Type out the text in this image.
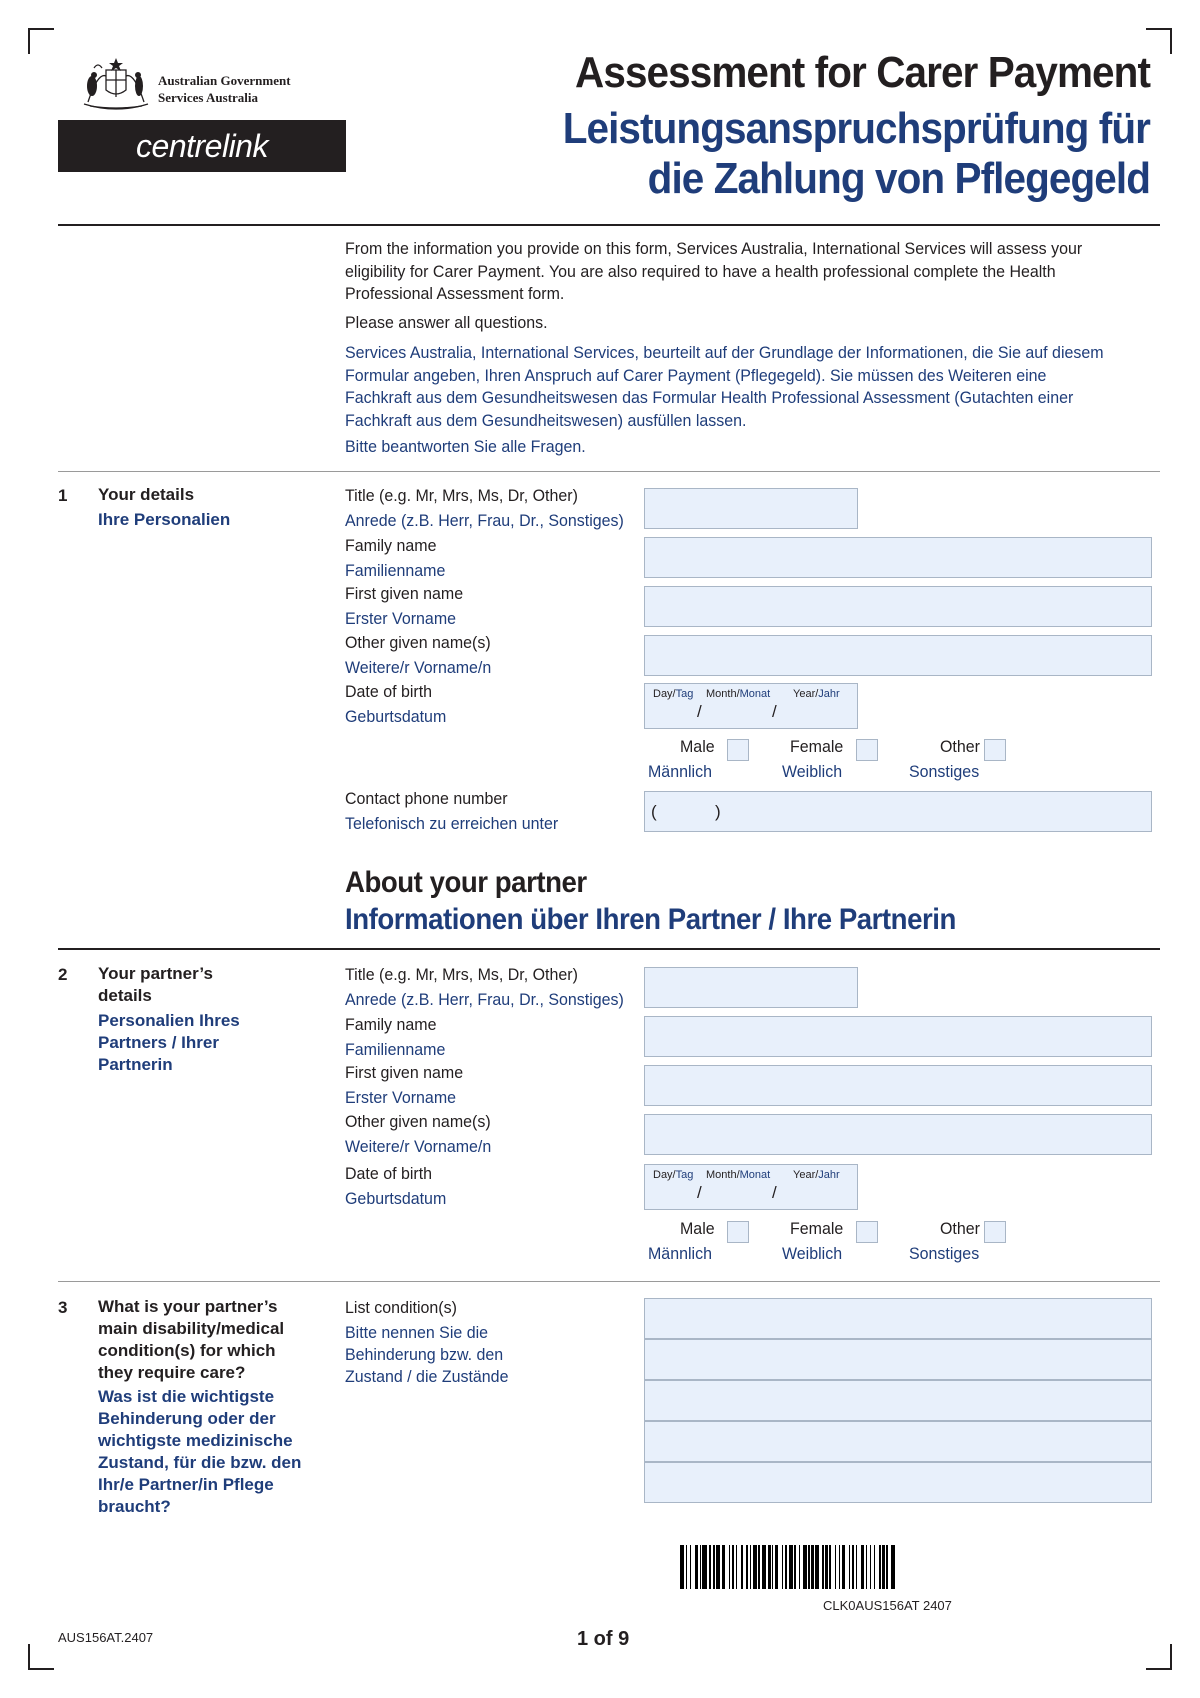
Australian Government
Services Australia
centrelink
Assessment for Carer Payment
Leistungsanspruchsprüfung für
die Zahlung von Pflegegeld

From the information you provide on this form, Services Australia, International Services will assess your eligibility for Carer Payment. You are also required to have a health professional complete the Health Professional Assessment form.

Please answer all questions.

Services Australia, International Services, beurteilt auf der Grundlage der Informationen, die Sie auf diesem Formular angeben, Ihren Anspruch auf Carer Payment (Pflegegeld). Sie müssen des Weiteren eine Fachkraft aus dem Gesundheitswesen das Formular Health Professional Assessment (Gutachten einer Fachkraft aus dem Gesundheitswesen) ausfüllen lassen.

Bitte beantworten Sie alle Fragen.

1 Your details
Ihre Personalien
Title (e.g. Mr, Mrs, Ms, Dr, Other)
Anrede (z.B. Herr, Frau, Dr., Sonstiges)
Family name
Familienname
First given name
Erster Vorname
Other given name(s)
Weitere/r Vorname/n
Date of birth
Geburtsdatum
Day/Tag Month/Monat Year/Jahr
/	/
Male
Männlich
Female
Weiblich
Other
Sonstiges
Contact phone number
Telefonisch zu erreichen unter
(	)
About your partner
Informationen über Ihren Partner / Ihre Partnerin
2 Your partner’s details
Personalien Ihres Partners / Ihrer Partnerin
Title (e.g. Mr, Mrs, Ms, Dr, Other)
Anrede (z.B. Herr, Frau, Dr., Sonstiges)
Family name
Familienname
First given name
Erster Vorname
Other given name(s)
Weitere/r Vorname/n
Date of birth
Geburtsdatum
Day/Tag Month/Monat Year/Jahr
/	/
Male
Männlich
Female
Weiblich
Other
Sonstiges
3 What is your partner’s main disability/medical condition(s) for which they require care?
Was ist die wichtigste Behinderung oder der wichtigste medizinische Zustand, für die bzw. den Ihr/e Partner/in Pflege braucht?
List condition(s)
Bitte nennen Sie die Behinderung bzw. den Zustand / die Zustände
CLK0AUS156AT 2407
AUS156AT.2407	1 of 9
